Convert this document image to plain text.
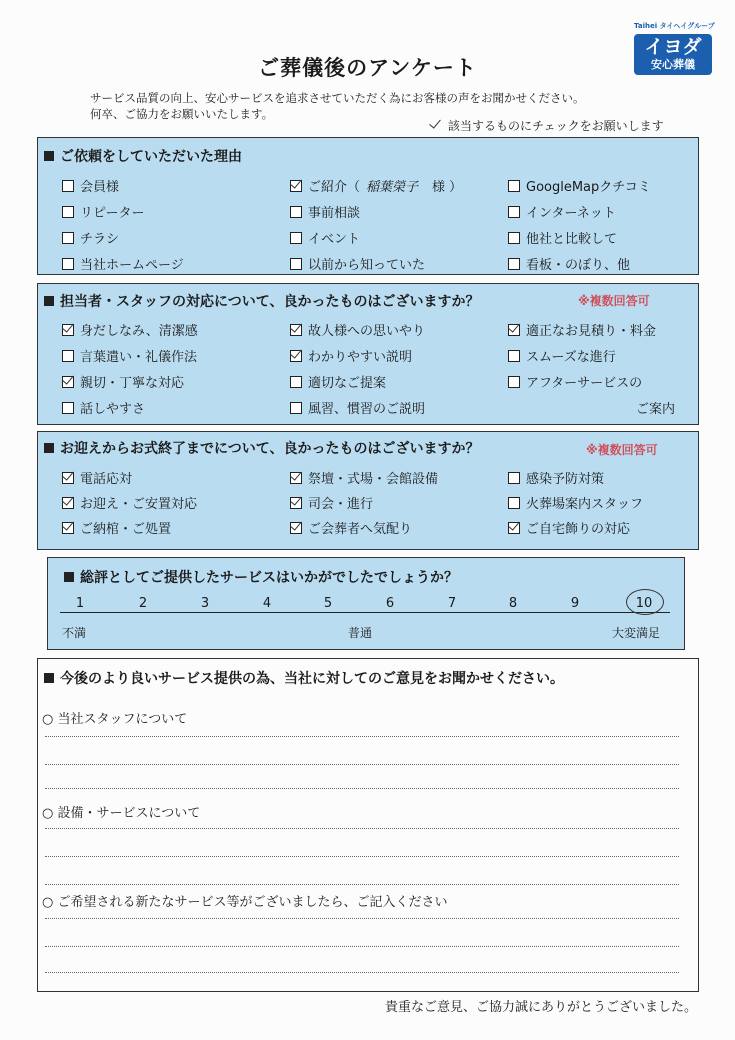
ご葬儀後のアンケート
Taihei タイヘイグループ
イヨダ
安心葬儀
サービス品質の向上、安心サービスを追求させていただく為にお客様の声をお聞かせください。
何卒、ご協力をお願いいたします。
該当するものにチェックをお願いします
ご依頼をしていただいた理由
会員様
リピーター
チラシ
当社ホームページ
ご紹介（ 稲葉榮子 様 ）
事前相談
イベント
以前から知っていた
GoogleMapクチコミ
インターネット
他社と比較して
看板・のぼり、他
担当者・スタッフの対応について、良かったものはございますか？	※複数回答可
身だしなみ、清潔感
言葉遣い・礼儀作法
親切・丁寧な対応
話しやすさ
故人様への思いやり
わかりやすい説明
適切なご提案
風習、慣習のご説明
適正なお見積り・料金
スムーズな進行
アフターサービスの
ご案内
お迎えからお式終了までについて、良かったものはございますか？	※複数回答可
電話応対
お迎え・ご安置対応
ご納棺・ご処置
祭壇・式場・会館設備
司会・進行
ご会葬者へ気配り
感染予防対策
火葬場案内スタッフ
ご自宅飾りの対応
総評としてご提供したサービスはいかがでしたでしょうか？
1	2	3	4	5	6	7	8	9	10
不満	普通	大変満足
今後のより良いサービス提供の為、当社に対してのご意見をお聞かせください。
○ 当社スタッフについて
○ 設備・サービスについて
○ ご希望される新たなサービス等がございましたら、ご記入ください
貴重なご意見、ご協力誠にありがとうございました。
